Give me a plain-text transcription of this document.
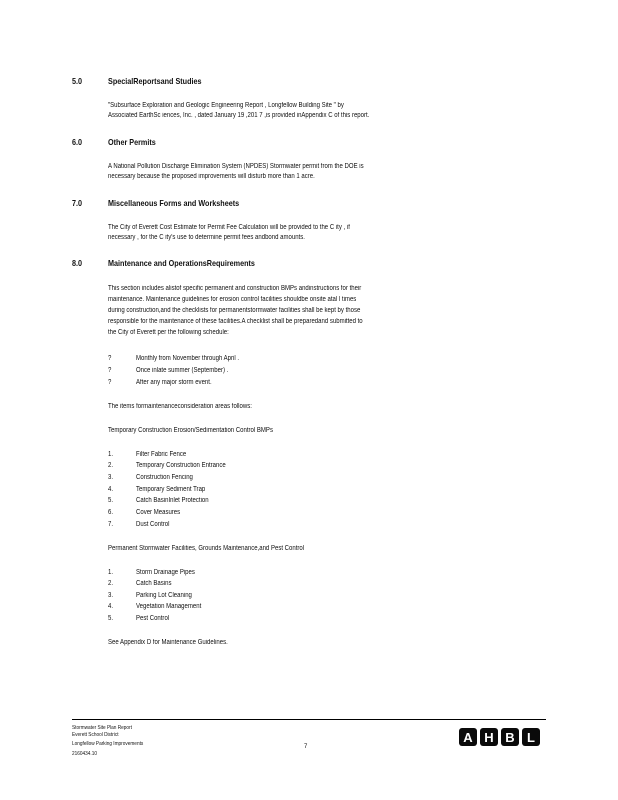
5.0	SpecialReportsand Studies
"Subsurface Exploration and Geologic Engineering Report , Longfellow Building Site " by
Associated EarthSc iences, Inc. , dated January 19 ,201 7 ,is provided inAppendix C of this report.
6.0	Other Permits
A National Pollution Discharge Elimination System (NPDES) Stormwater permit from the DOE is
necessary because the proposed improvements will disturb more than 1 acre.
7.0	Miscellaneous Forms and Worksheets
The City of Everett Cost Estimate for Permit Fee Calculation will be provided to the C ity , if
necessary , for the C ity's use to determine permit fees andbond amounts.
8.0	Maintenance and OperationsRequirements
This section includes alistof specific permanent and construction BMPs andinstructions for their
maintenance. Maintenance guidelines for erosion control facilities shouldbe onsite atal l times
during construction,and the checklists for permanentstormwater facilities shall be kept by those
responsible for the maintenance of these facilities.A checklist shall be preparedand submitted to
the City of Everett per the following schedule:
?	Monthly from November through April .
?	Once inlate summer (September) .
?	After any major storm event.
The items formaintenanceconsideration areas follows:
Temporary Construction Erosion/Sedimentation Control BMPs
1.	Filter Fabric Fence
2.	Temporary Construction Entrance
3.	Construction Fencing
4.	Temporary Sediment Trap
5.	Catch BasinInlet Protection
6.	Cover Measures
7.	Dust Control
Permanent Stormwater Facilities, Grounds Maintenance,and Pest Control
1.	Storm Drainage Pipes
2.	Catch Basins
3.	Parking Lot Cleaning
4.	Vegetation Management
5.	Pest Control
See Appendix D for Maintenance Guidelines.
Stormwater Site Plan Report
Everett School District
Longfellow Parking Improvements
2160434.10
7
A H B L
